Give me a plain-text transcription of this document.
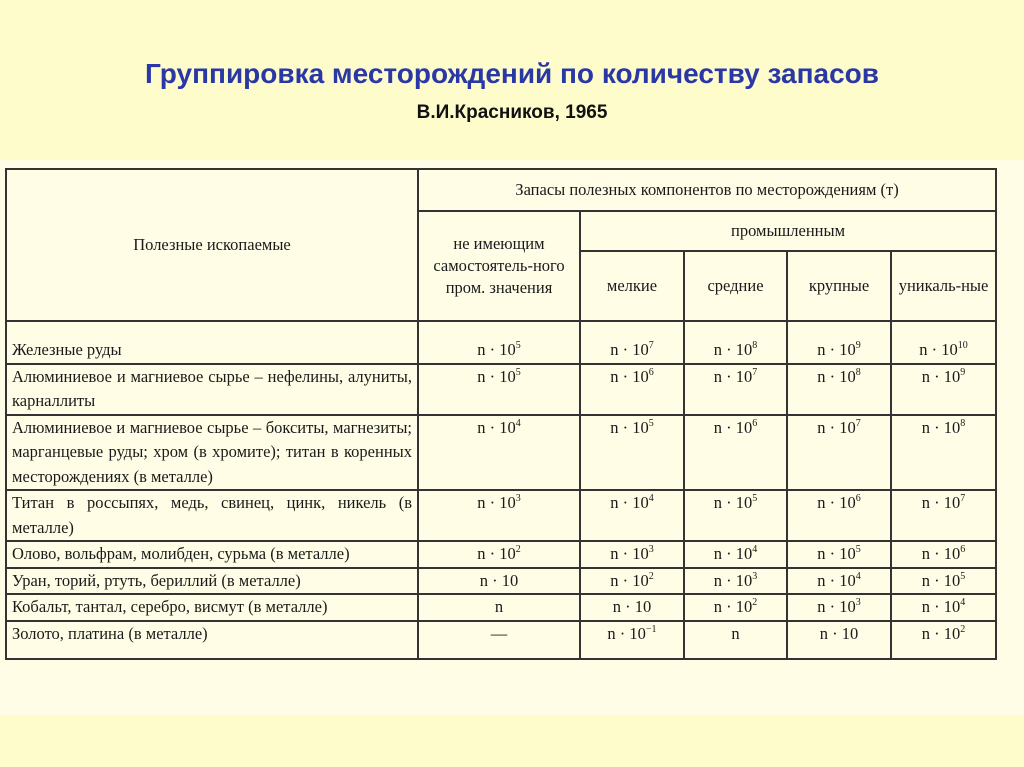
Группировка месторождений по количеству запасов
В.И.Красников, 1965
Полезные ископаемые	Запасы полезных компонентов по месторождениям (т)				
	не имеющим самостоятель-ного пром. значения	промышленным			
		мелкие	средние	крупные	уникаль-ные
Железные руды	$n \cdot 10^5$	$n \cdot 10^7$	$n \cdot 10^8$	$n \cdot 10^9$	$n \cdot 10^{10}$
Алюминиевое и магниевое сырье – нефелины, алуниты, карналлиты	$n \cdot 10^5$	$n \cdot 10^6$	$n \cdot 10^7$	$n \cdot 10^8$	$n \cdot 10^9$
Алюминиевое и магниевое сырье – бокситы, магнезиты; марганцевые руды; хром (в хромите); титан в коренных месторождениях (в металле)	$n \cdot 10^4$	$n \cdot 10^5$	$n \cdot 10^6$	$n \cdot 10^7$	$n \cdot 10^8$
Титан в россыпях, медь, свинец, цинк, никель (в металле)	$n \cdot 10^3$	$n \cdot 10^4$	$n \cdot 10^5$	$n \cdot 10^6$	$n \cdot 10^7$
Олово, вольфрам, молибден, сурьма (в металле)	$n \cdot 10^2$	$n \cdot 10^3$	$n \cdot 10^4$	$n \cdot 10^5$	$n \cdot 10^6$
Уран, торий, ртуть, бериллий (в металле)	n · 10	$n \cdot 10^2$	$n \cdot 10^3$	$n \cdot 10^4$	$n \cdot 10^5$
Кобальт, тантал, серебро, висмут (в металле)	n	n · 10	$n \cdot 10^2$	$n \cdot 10^3$	$n \cdot 10^4$
Золото, платина (в металле)	—	$n \cdot 10^{-1}$	n	n · 10	$n \cdot 10^2$
